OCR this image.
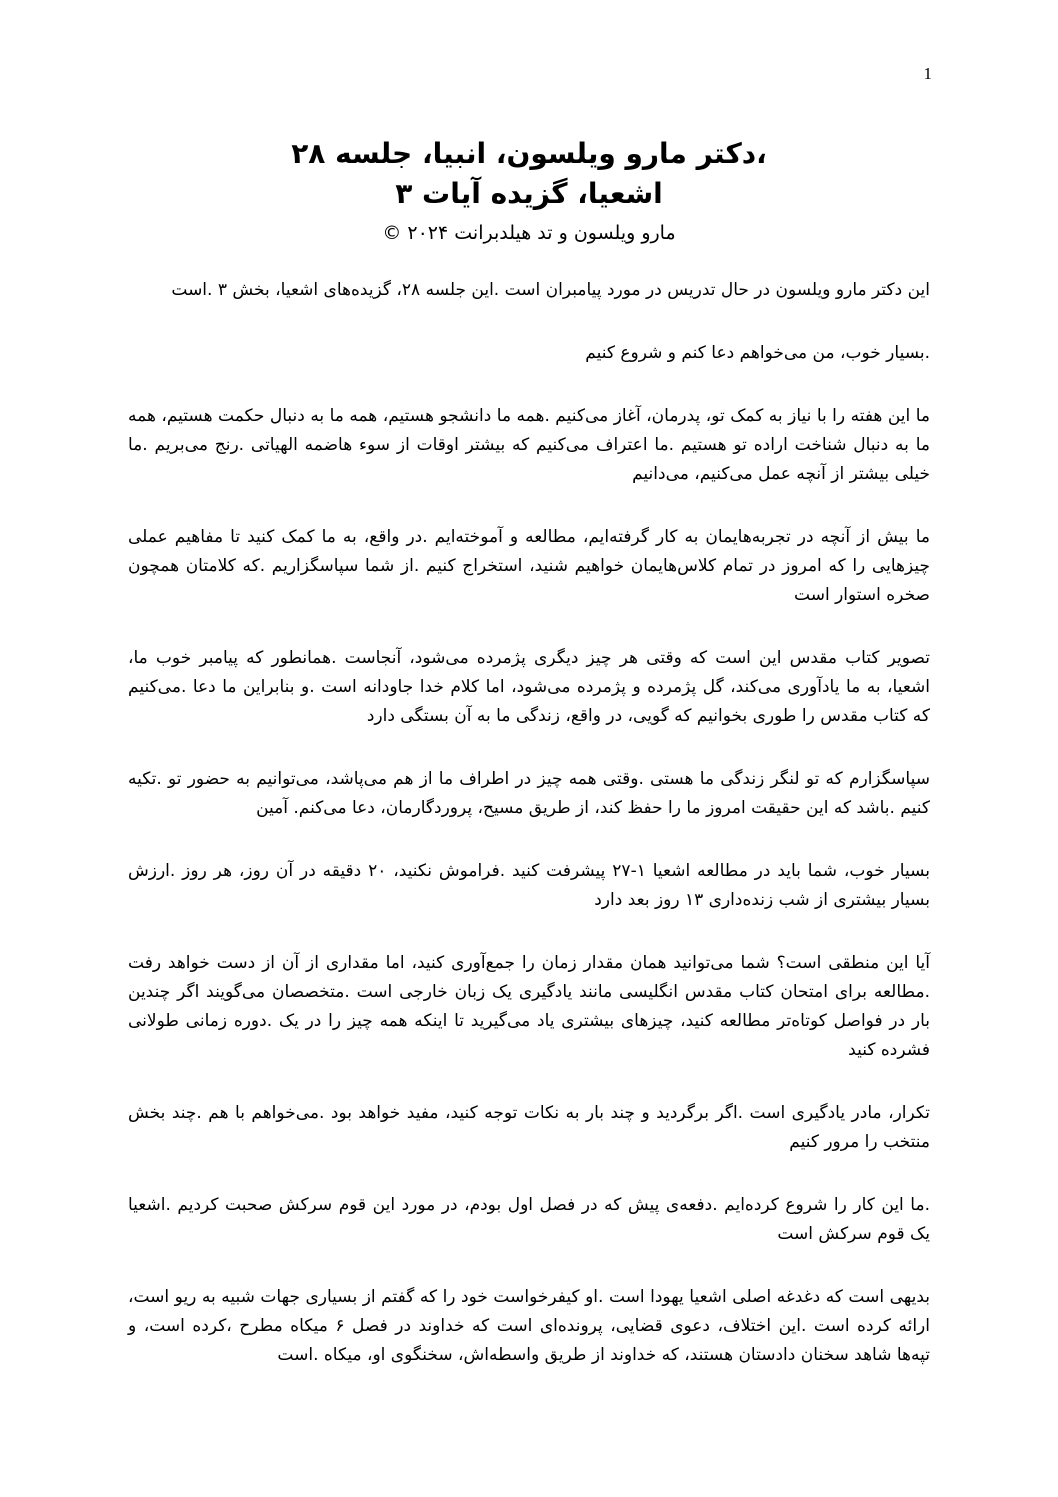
1
،دکتر مارو ویلسون، انبیا، جلسه ۲۸
اشعیا، گزیده آیات ۳
مارو ویلسون و تد هیلدبرانت ۲۰۲۴ ©

این دکتر مارو ویلسون در حال تدریس در مورد پیامبران است .این جلسه ۲۸، گزیده‌های اشعیا، بخش ۳ .است

.بسیار خوب، من می‌خواهم دعا کنم و شروع کنیم

ما این هفته را با نیاز به کمک تو، پدرمان، آغاز می‌کنیم .همه ما دانشجو هستیم، همه ما به دنبال حکمت هستیم، همه ما به دنبال شناخت اراده تو هستیم .ما اعتراف می‌کنیم که بیشتر اوقات از سوء هاضمه الهیاتی .رنج می‌بریم .ما خیلی بیشتر از آنچه عمل می‌کنیم، می‌دانیم

ما بیش از آنچه در تجربه‌هایمان به کار گرفته‌ایم، مطالعه و آموخته‌ایم .در واقع، به ما کمک کنید تا مفاهیم عملی چیزهایی را که امروز در تمام کلاس‌هایمان خواهیم شنید، استخراج کنیم .از شما سپاسگزاریم .که کلامتان همچون صخره استوار است

تصویر کتاب مقدس این است که وقتی هر چیز دیگری پژمرده می‌شود، آنجاست .همانطور که پیامبر خوب ما، اشعیا، به ما یادآوری می‌کند، گل پژمرده و پژمرده می‌شود، اما کلام خدا جاودانه است .و بنابراین ما دعا .می‌کنیم که کتاب مقدس را طوری بخوانیم که گویی، در واقع، زندگی ما به آن بستگی دارد

سپاسگزارم که تو لنگر زندگی ما هستی .وقتی همه چیز در اطراف ما از هم می‌پاشد، می‌توانیم به حضور تو .تکیه کنیم .باشد که این حقیقت امروز ما را حفظ کند، از طریق مسیح، پروردگارمان، دعا می‌کنم. آمین

بسیار خوب، شما باید در مطالعه اشعیا ۱-۲۷ پیشرفت کنید .فراموش نکنید، ۲۰ دقیقه در آن روز، هر روز .ارزش بسیار بیشتری از شب زنده‌داری ۱۳ روز بعد دارد

آیا این منطقی است؟ شما می‌توانید همان مقدار زمان را جمع‌آوری کنید، اما مقداری از آن از دست خواهد رفت .مطالعه برای امتحان کتاب مقدس انگلیسی مانند یادگیری یک زبان خارجی است .متخصصان می‌گویند اگر چندین بار در فواصل کوتاه‌تر مطالعه کنید، چیزهای بیشتری یاد می‌گیرید تا اینکه همه چیز را در یک .دوره زمانی طولانی فشرده کنید

تکرار، مادر یادگیری است .اگر برگردید و چند بار به نکات توجه کنید، مفید خواهد بود .می‌خواهم با هم .چند بخش منتخب را مرور کنیم

.ما این کار را شروع کرده‌ایم .دفعه‌ی پیش که در فصل اول بودم، در مورد این قوم سرکش صحبت کردیم .اشعیا یک قوم سرکش است

بدیهی است که دغدغه اصلی اشعیا یهودا است .او کیفرخواست خود را که گفتم از بسیاری جهات شبیه به ریو است، ارائه کرده است .این اختلاف، دعوی قضایی، پرونده‌ای است که خداوند در فصل ۶ میکاه مطرح ،کرده است، و تپه‌ها شاهد سخنان دادستان هستند، که خداوند از طریق واسطه‌اش، سخنگوی او، میکاه .است
